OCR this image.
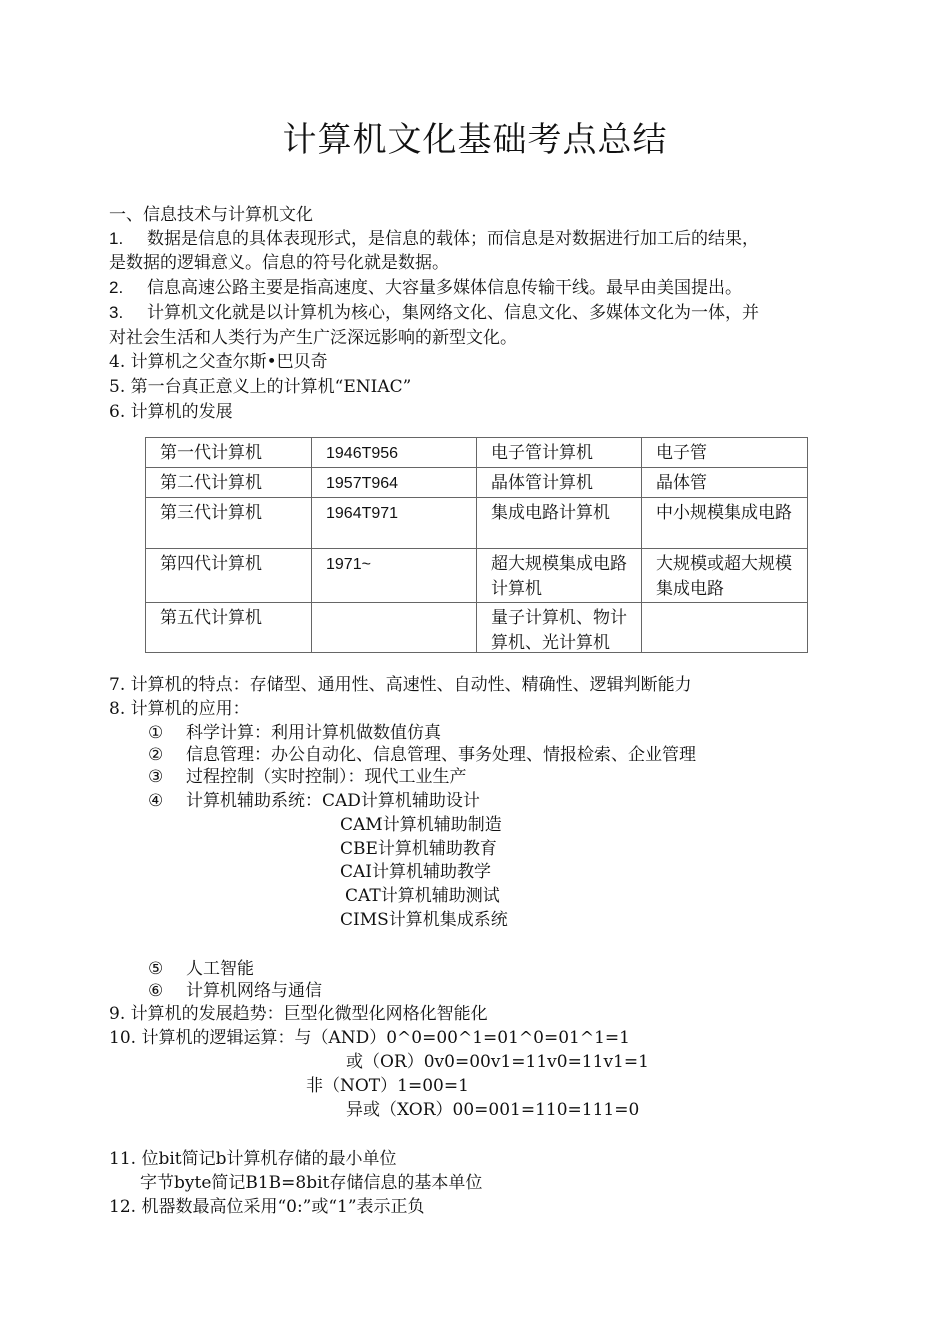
计算机文化基础考点总结
一、信息技术与计算机文化
1. 数据是信息的具体表现形式，是信息的载体；而信息是对数据进行加工后的结果，
是数据的逻辑意义。信息的符号化就是数据。
2. 信息高速公路主要是指高速度、大容量多媒体信息传输干线。最早由美国提出。
3. 计算机文化就是以计算机为核心，集网络文化、信息文化、多媒体文化为一体，并
对社会生活和人类行为产生广泛深远影响的新型文化。
4. 计算机之父查尔斯•巴贝奇
5. 第一台真正意义上的计算机“ENIAC”
6. 计算机的发展
第一代计算机	1946T956	电子管计算机	电子管
第二代计算机	1957T964	晶体管计算机	晶体管
第三代计算机	1964T971	集成电路计算机	中小规模集成电路
第四代计算机	1971~	超大规模集成电路计算机	大规模或超大规模集成电路
第五代计算机		量子计算机、物计算机、光计算机	

7. 计算机的特点：存储型、通用性、高速性、自动性、精确性、逻辑判断能力
8. 计算机的应用：
① 科学计算：利用计算机做数值仿真
② 信息管理：办公自动化、信息管理、事务处理、情报检索、企业管理
③ 过程控制（实时控制）：现代工业生产
④ 计算机辅助系统：CAD计算机辅助设计
CAM计算机辅助制造
CBE计算机辅助教育
CAI计算机辅助教学
CAT计算机辅助测试
CIMS计算机集成系统
⑤ 人工智能
⑥ 计算机网络与通信
9. 计算机的发展趋势：巨型化微型化网格化智能化
10. 计算机的逻辑运算：与（AND）0^0=00^1=01^0=01^1=1
或（OR）0v0=00v1=11v0=11v1=1
非（NOT）1=00=1
异或（XOR）00=001=110=111=0
11. 位bit简记b计算机存储的最小单位
字节byte简记B1B=8bit存储信息的基本单位
12. 机器数最高位采用“0:”或“1”表示正负
